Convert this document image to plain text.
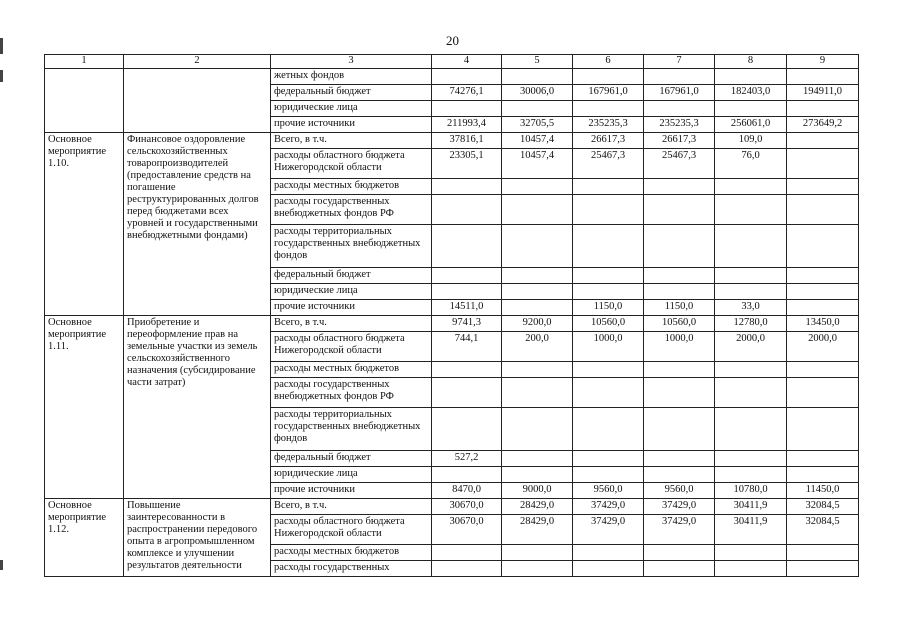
20
1	2	3	4	5	6	7	8	9
		жетных фондов						
		федеральный бюджет	74276,1	30006,0	167961,0	167961,0	182403,0	194911,0
		юридические лица						
		прочие источники	211993,4	32705,5	235235,3	235235,3	256061,0	273649,2
Основное мероприятие 1.10.	Финансовое оздоровление сельскохозяйственных товаропроизводителей (предоставление средств на погашение реструктурированных долгов перед бюджетами всех уровней и государственными внебюджетными фондами)	Всего, в т.ч.	37816,1	10457,4	26617,3	26617,3	109,0	
		расходы областного бюджета Нижегородской области	23305,1	10457,4	25467,3	25467,3	76,0	
		расходы местных бюджетов						
		расходы государственных внебюджетных фондов РФ						
		расходы территориальных государственных внебюджетных фондов						
		федеральный бюджет						
		юридические лица						
		прочие источники	14511,0		1150,0	1150,0	33,0	
Основное мероприятие 1.11.	Приобретение и переоформление прав на земельные участки из земель сельскохозяйственного назначения (субсидирование части затрат)	Всего, в т.ч.	9741,3	9200,0	10560,0	10560,0	12780,0	13450,0
		расходы областного бюджета Нижегородской области	744,1	200,0	1000,0	1000,0	2000,0	2000,0
		расходы местных бюджетов						
		расходы государственных внебюджетных фондов РФ						
		расходы территориальных государственных внебюджетных фондов						
		федеральный бюджет	527,2					
		юридические лица						
		прочие источники	8470,0	9000,0	9560,0	9560,0	10780,0	11450,0
Основное мероприятие 1.12.	Повышение заинтересованности в распространении передового опыта в агропромышленном комплексе и улучшении результатов деятельности	Всего, в т.ч.	30670,0	28429,0	37429,0	37429,0	30411,9	32084,5
		расходы областного бюджета Нижегородской области	30670,0	28429,0	37429,0	37429,0	30411,9	32084,5
		расходы местных бюджетов						
		расходы государственных						
